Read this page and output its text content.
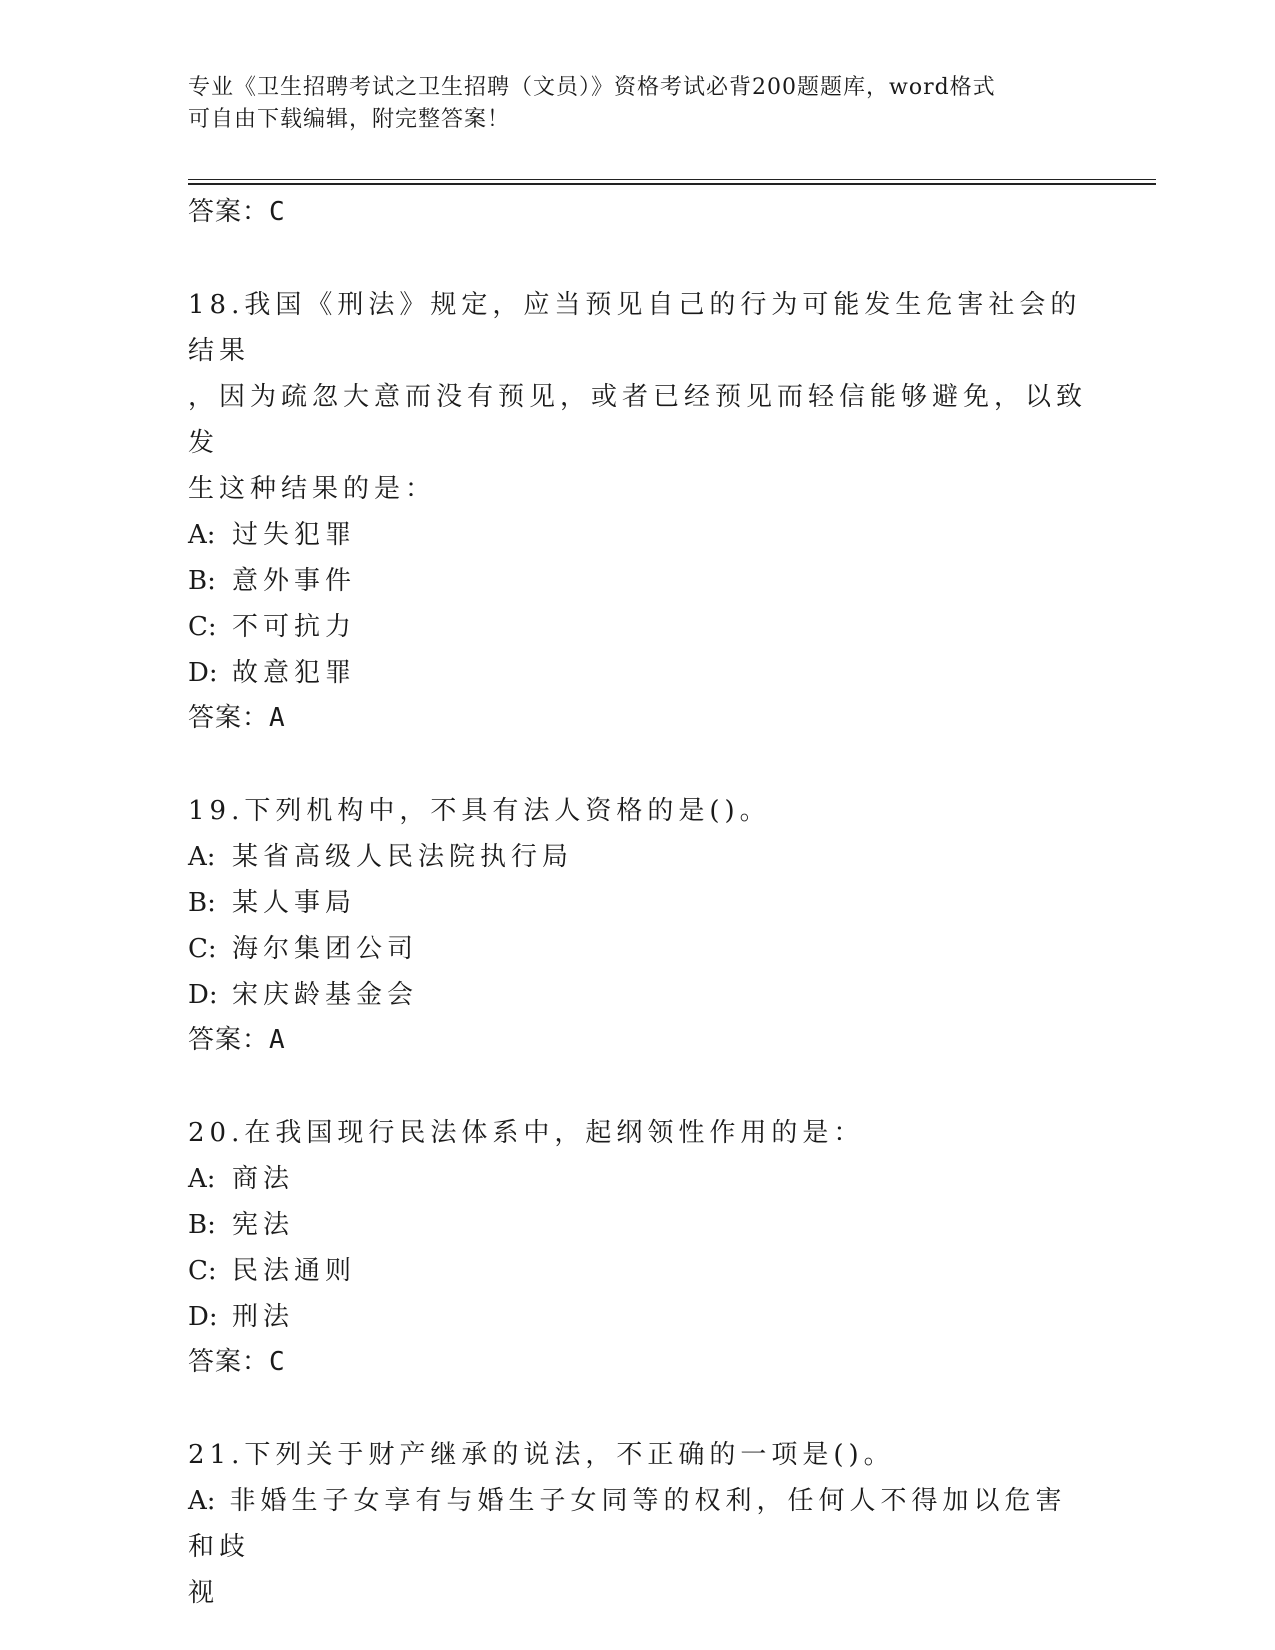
专业《卫生招聘考试之卫生招聘（文员）》资格考试必背200题题库，word格式
可自由下载编辑，附完整答案！
答案：C
18.我国《刑法》规定，应当预见自己的行为可能发生危害社会的结果
，因为疏忽大意而没有预见，或者已经预见而轻信能够避免，以致发
生这种结果的是：
A: 过失犯罪
B: 意外事件
C: 不可抗力
D: 故意犯罪
答案：A
19.下列机构中，不具有法人资格的是()。
A: 某省高级人民法院执行局
B: 某人事局
C: 海尔集团公司
D: 宋庆龄基金会
答案：A
20.在我国现行民法体系中，起纲领性作用的是：
A: 商法
B: 宪法
C: 民法通则
D: 刑法
答案：C
21.下列关于财产继承的说法，不正确的一项是()。
A: 非婚生子女享有与婚生子女同等的权利，任何人不得加以危害和歧
视
